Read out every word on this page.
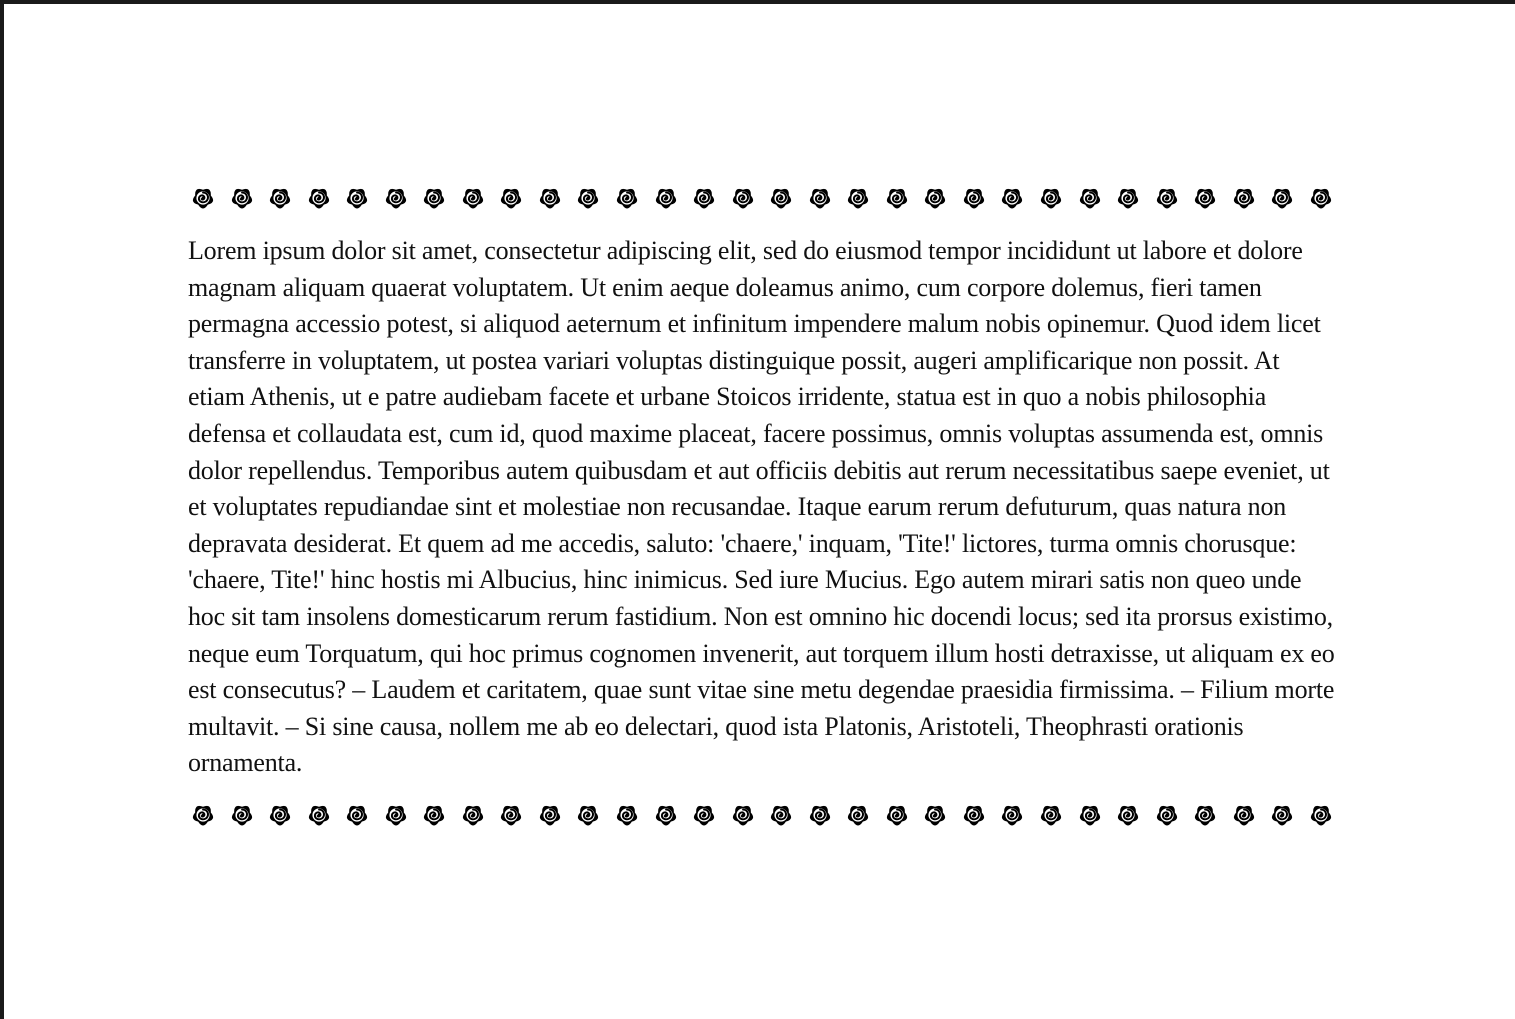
Lorem ipsum dolor sit amet, consectetur adipiscing elit, sed do eiusmod tempor incididunt ut labore et dolore magnam aliquam quaerat voluptatem. Ut enim aeque doleamus animo, cum corpore dolemus, fieri tamen permagna accessio potest, si aliquod aeternum et infinitum impendere malum nobis opinemur. Quod idem licet transferre in voluptatem, ut postea variari voluptas distinguique possit, augeri amplificarique non possit. At etiam Athenis, ut e patre audiebam facete et urbane Stoicos irridente, statua est in quo a nobis philosophia defensa et collaudata est, cum id, quod maxime placeat, facere possimus, omnis voluptas assumenda est, omnis dolor repellendus. Temporibus autem quibusdam et aut officiis debitis aut rerum necessitatibus saepe eveniet, ut et voluptates repudiandae sint et molestiae non recusandae. Itaque earum rerum defuturum, quas natura non depravata desiderat. Et quem ad me accedis, saluto: 'chaere,' inquam, 'Tite!' lictores, turma omnis chorusque: 'chaere, Tite!' hinc hostis mi Albucius, hinc inimicus. Sed iure Mucius. Ego autem mirari satis non queo unde hoc sit tam insolens domesticarum rerum fastidium. Non est omnino hic docendi locus; sed ita prorsus existimo, neque eum Torquatum, qui hoc primus cognomen invenerit, aut torquem illum hosti detraxisse, ut aliquam ex eo est consecutus? – Laudem et caritatem, quae sunt vitae sine metu degendae praesidia firmissima. – Filium morte multavit. – Si sine causa, nollem me ab eo delectari, quod ista Platonis, Aristoteli, Theophrasti orationis ornamenta.
